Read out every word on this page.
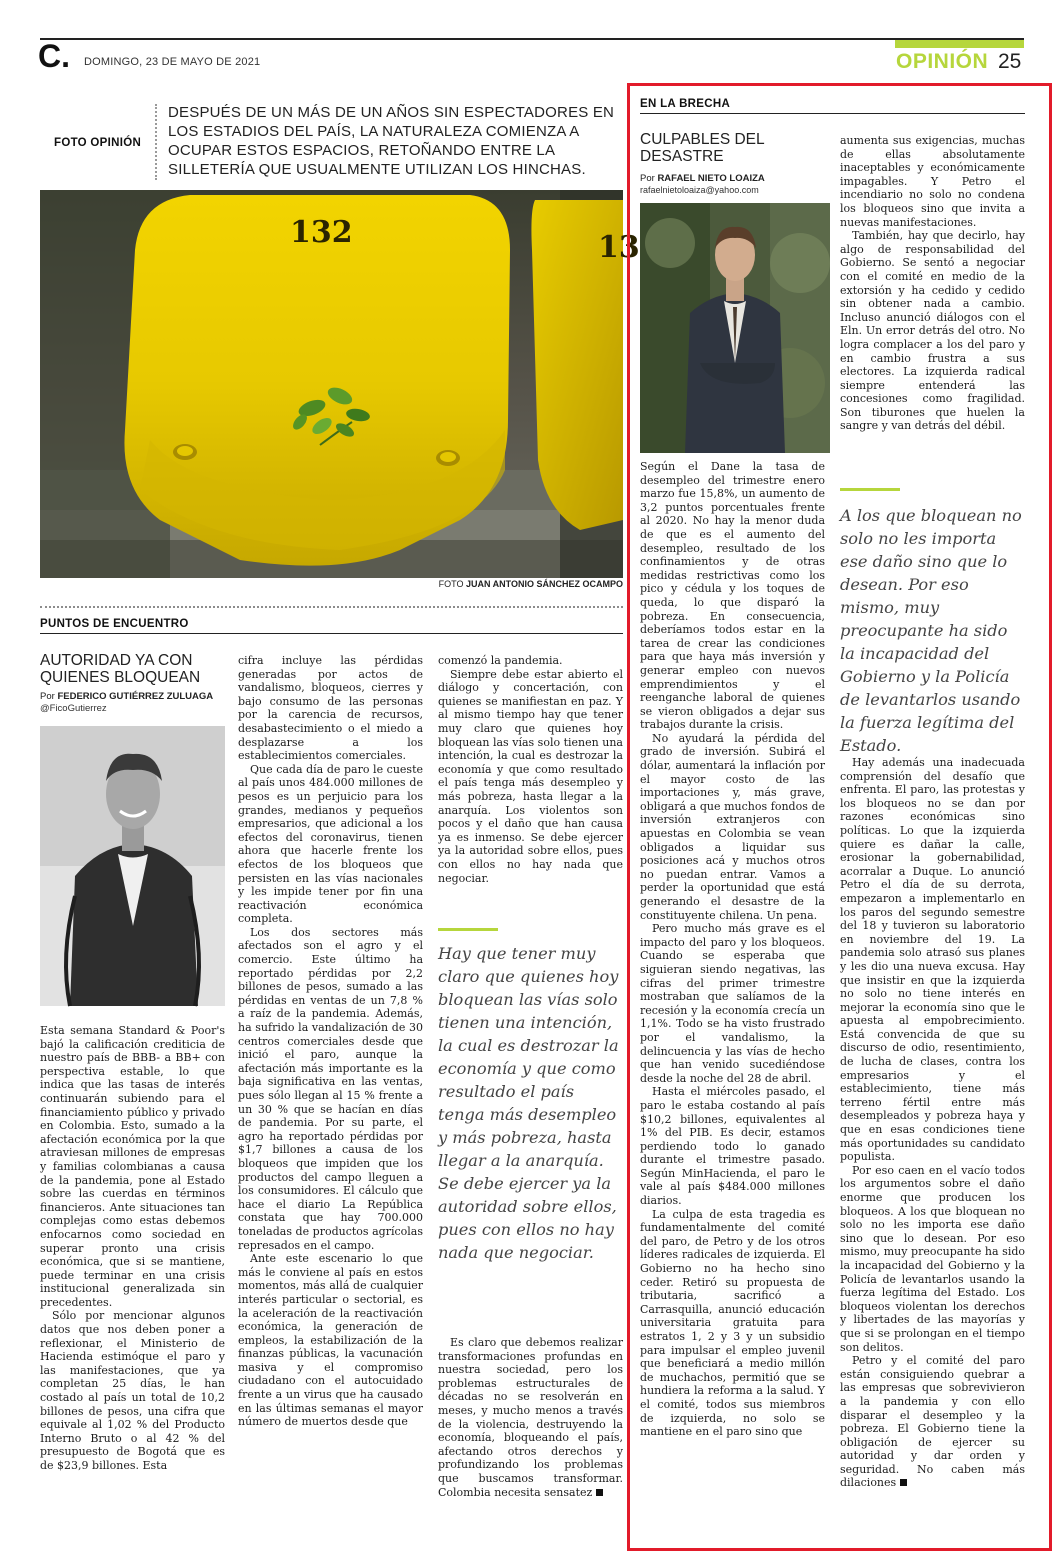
C. DOMINGO, 23 DE MAYO DE 2021	OPINIÓN 25
FOTO OPINIÓN
DESPUÉS DE UN MÁS DE UN AÑOS SIN ESPECTADORES EN LOS ESTADIOS DEL PAÍS, LA NATURALEZA COMIENZA A OCUPAR ESTOS ESPACIOS, RETOÑANDO ENTRE LA SILLETERÍA QUE USUALMENTE UTILIZAN LOS HINCHAS.
132	13
FOTO JUAN ANTONIO SÁNCHEZ OCAMPO
PUNTOS DE ENCUENTRO
AUTORIDAD YA CON QUIENES BLOQUEAN
Por FEDERICO GUTIÉRREZ ZULUAGA
@FicoGutierrez

Esta semana Standard & Poor's bajó la calificación crediticia de nuestro país de BBB- a BB+ con perspectiva estable, lo que indica que las tasas de interés continuarán subiendo para el financiamiento público y privado en Colombia. Esto, sumado a la afectación económica por la que atraviesan millones de empresas y familias colombianas a causa de la pandemia, pone al Estado sobre las cuerdas en términos financieros. Ante situaciones tan complejas como estas debemos enfocarnos como sociedad en superar pronto una crisis económica, que si se mantiene, puede terminar en una crisis institucional generalizada sin precedentes.

Sólo por mencionar algunos datos que nos deben poner a reflexionar, el Ministerio de Hacienda estimóque el paro y las manifestaciones, que ya completan 25 días, le han costado al país un total de 10,2 billones de pesos, una cifra que equivale al 1,02 % del Producto Interno Bruto o al 42 % del presupuesto de Bogotá que es de $23,9 billones. Esta

cifra incluye las pérdidas generadas por actos de vandalismo, bloqueos, cierres y bajo consumo de las personas por la carencia de recursos, desabastecimiento o el miedo a desplazarse a los establecimientos comerciales.

Que cada día de paro le cueste al país unos 484.000 millones de pesos es un perjuicio para los grandes, medianos y pequeños empresarios, que adicional a los efectos del coronavirus, tienen ahora que hacerle frente los efectos de los bloqueos que persisten en las vías nacionales y les impide tener por fin una reactivación económica completa.

Los dos sectores más afectados son el agro y el comercio. Este último ha reportado pérdidas por 2,2 billones de pesos, sumado a las pérdidas en ventas de un 7,8 % a raíz de la pandemia. Además, ha sufrido la vandalización de 30 centros comerciales desde que inició el paro, aunque la afectación más importante es la baja significativa en las ventas, pues sólo llegan al 15 % frente a un 30 % que se hacían en días de pandemia. Por su parte, el agro ha reportado pérdidas por $1,7 billones a causa de los bloqueos que impiden que los productos del campo lleguen a los consumidores. El cálculo que hace el diario La República constata que hay 700.000 toneladas de productos agrícolas represados en el campo.

Ante este escenario lo que más le conviene al país en estos momentos, más allá de cualquier interés particular o sectorial, es la aceleración de la reactivación económica, la generación de empleos, la estabilización de la finanzas públicas, la vacunación masiva y el compromiso ciudadano con el autocuidado frente a un virus que ha causado en las últimas semanas el mayor número de muertos desde que

comenzó la pandemia.

Siempre debe estar abierto el diálogo y concertación, con quienes se manifiestan en paz. Y al mismo tiempo hay que tener muy claro que quienes hoy bloquean las vías solo tienen una intención, la cual es destrozar la economía y que como resultado el país tenga más desempleo y más pobreza, hasta llegar a la anarquía. Los violentos son pocos y el daño que han causa ya es inmenso. Se debe ejercer ya la autoridad sobre ellos, pues con ellos no hay nada que negociar.

Hay que tener muy claro que quienes hoy bloquean las vías solo tienen una intención, la cual es destrozar la economía y que como resultado el país tenga más desempleo y más pobreza, hasta llegar a la anarquía. Se debe ejercer ya la autoridad sobre ellos, pues con ellos no hay nada que negociar.

Es claro que debemos realizar transformaciones profundas en nuestra sociedad, pero los problemas estructurales de décadas no se resolverán en meses, y mucho menos a través de la violencia, destruyendo la economía, bloqueando el país, afectando otros derechos y profundizando los problemas que buscamos transformar. Colombia necesita sensatez

EN LA BRECHA
CULPABLES DEL DESASTRE
Por RAFAEL NIETO LOAIZA
rafaelnietoloaiza@yahoo.com

Según el Dane la tasa de desempleo del trimestre enero marzo fue 15,8%, un aumento de 3,2 puntos porcentuales frente al 2020. No hay la menor duda de que es el aumento del desempleo, resultado de los confinamientos y de otras medidas restrictivas como los pico y cédula y los toques de queda, lo que disparó la pobreza. En consecuencia, deberíamos todos estar en la tarea de crear las condiciones para que haya más inversión y generar empleo con nuevos emprendimientos y el reenganche laboral de quienes se vieron obligados a dejar sus trabajos durante la crisis.

No ayudará la pérdida del grado de inversión. Subirá el dólar, aumentará la inflación por el mayor costo de las importaciones y, más grave, obligará a que muchos fondos de inversión extranjeros con apuestas en Colombia se vean obligados a liquidar sus posiciones acá y muchos otros no puedan entrar. Vamos a perder la oportunidad que está generando el desastre de la constituyente chilena. Un pena.

Pero mucho más grave es el impacto del paro y los bloqueos. Cuando se esperaba que siguieran siendo negativas, las cifras del primer trimestre mostraban que salíamos de la recesión y la economía crecía un 1,1%. Todo se ha visto frustrado por el vandalismo, la delincuencia y las vías de hecho que han venido sucediéndose desde la noche del 28 de abril.

Hasta el miércoles pasado, el paro le estaba costando al país $10,2 billones, equivalentes al 1% del PIB. Es decir, estamos perdiendo todo lo ganado durante el trimestre pasado. Según MinHacienda, el paro le vale al país $484.000 millones diarios.

La culpa de esta tragedia es fundamentalmente del comité del paro, de Petro y de los otros líderes radicales de izquierda. El Gobierno no ha hecho sino ceder. Retiró su propuesta de tributaria, sacrificó a Carrasquilla, anunció educación universitaria gratuita para estratos 1, 2 y 3 y un subsidio para impulsar el empleo juvenil que beneficiará a medio millón de muchachos, permitió que se hundiera la reforma a la salud. Y el comité, todos sus miembros de izquierda, no solo se mantiene en el paro sino que

aumenta sus exigencias, muchas de ellas absolutamente inaceptables y económicamente impagables. Y Petro el incendiario no solo no condena los bloqueos sino que invita a nuevas manifestaciones.

También, hay que decirlo, hay algo de responsabilidad del Gobierno. Se sentó a negociar con el comité en medio de la extorsión y ha cedido y cedido sin obtener nada a cambio. Incluso anunció diálogos con el Eln. Un error detrás del otro. No logra complacer a los del paro y en cambio frustra a sus electores. La izquierda radical siempre entenderá las concesiones como fragilidad. Son tiburones que huelen la sangre y van detrás del débil.

A los que bloquean no solo no les importa ese daño sino que lo desean. Por eso mismo, muy preocupante ha sido la incapacidad del Gobierno y la Policía de levantarlos usando la fuerza legítima del Estado.

Hay además una inadecuada comprensión del desafío que enfrenta. El paro, las protestas y los bloqueos no se dan por razones económicas sino políticas. Lo que la izquierda quiere es dañar la calle, erosionar la gobernabilidad, acorralar a Duque. Lo anunció Petro el día de su derrota, empezaron a implementarlo en los paros del segundo semestre del 18 y tuvieron su laboratorio en noviembre del 19. La pandemia solo atrasó sus planes y les dio una nueva excusa. Hay que insistir en que la izquierda no solo no tiene interés en mejorar la economía sino que le apuesta al empobrecimiento. Está convencida de que su discurso de odio, resentimiento, de lucha de clases, contra los empresarios y el establecimiento, tiene más terreno fértil entre más desempleados y pobreza haya y que en esas condiciones tiene más oportunidades su candidato populista.

Por eso caen en el vacío todos los argumentos sobre el daño enorme que producen los bloqueos. A los que bloquean no solo no les importa ese daño sino que lo desean. Por eso mismo, muy preocupante ha sido la incapacidad del Gobierno y la Policía de levantarlos usando la fuerza legítima del Estado. Los bloqueos violentan los derechos y libertades de las mayorías y que si se prolongan en el tiempo son delitos.

Petro y el comité del paro están consiguiendo quebrar a las empresas que sobrevivieron a la pandemia y con ello disparar el desempleo y la pobreza. El Gobierno tiene la obligación de ejercer su autoridad y dar orden y seguridad. No caben más dilaciones
